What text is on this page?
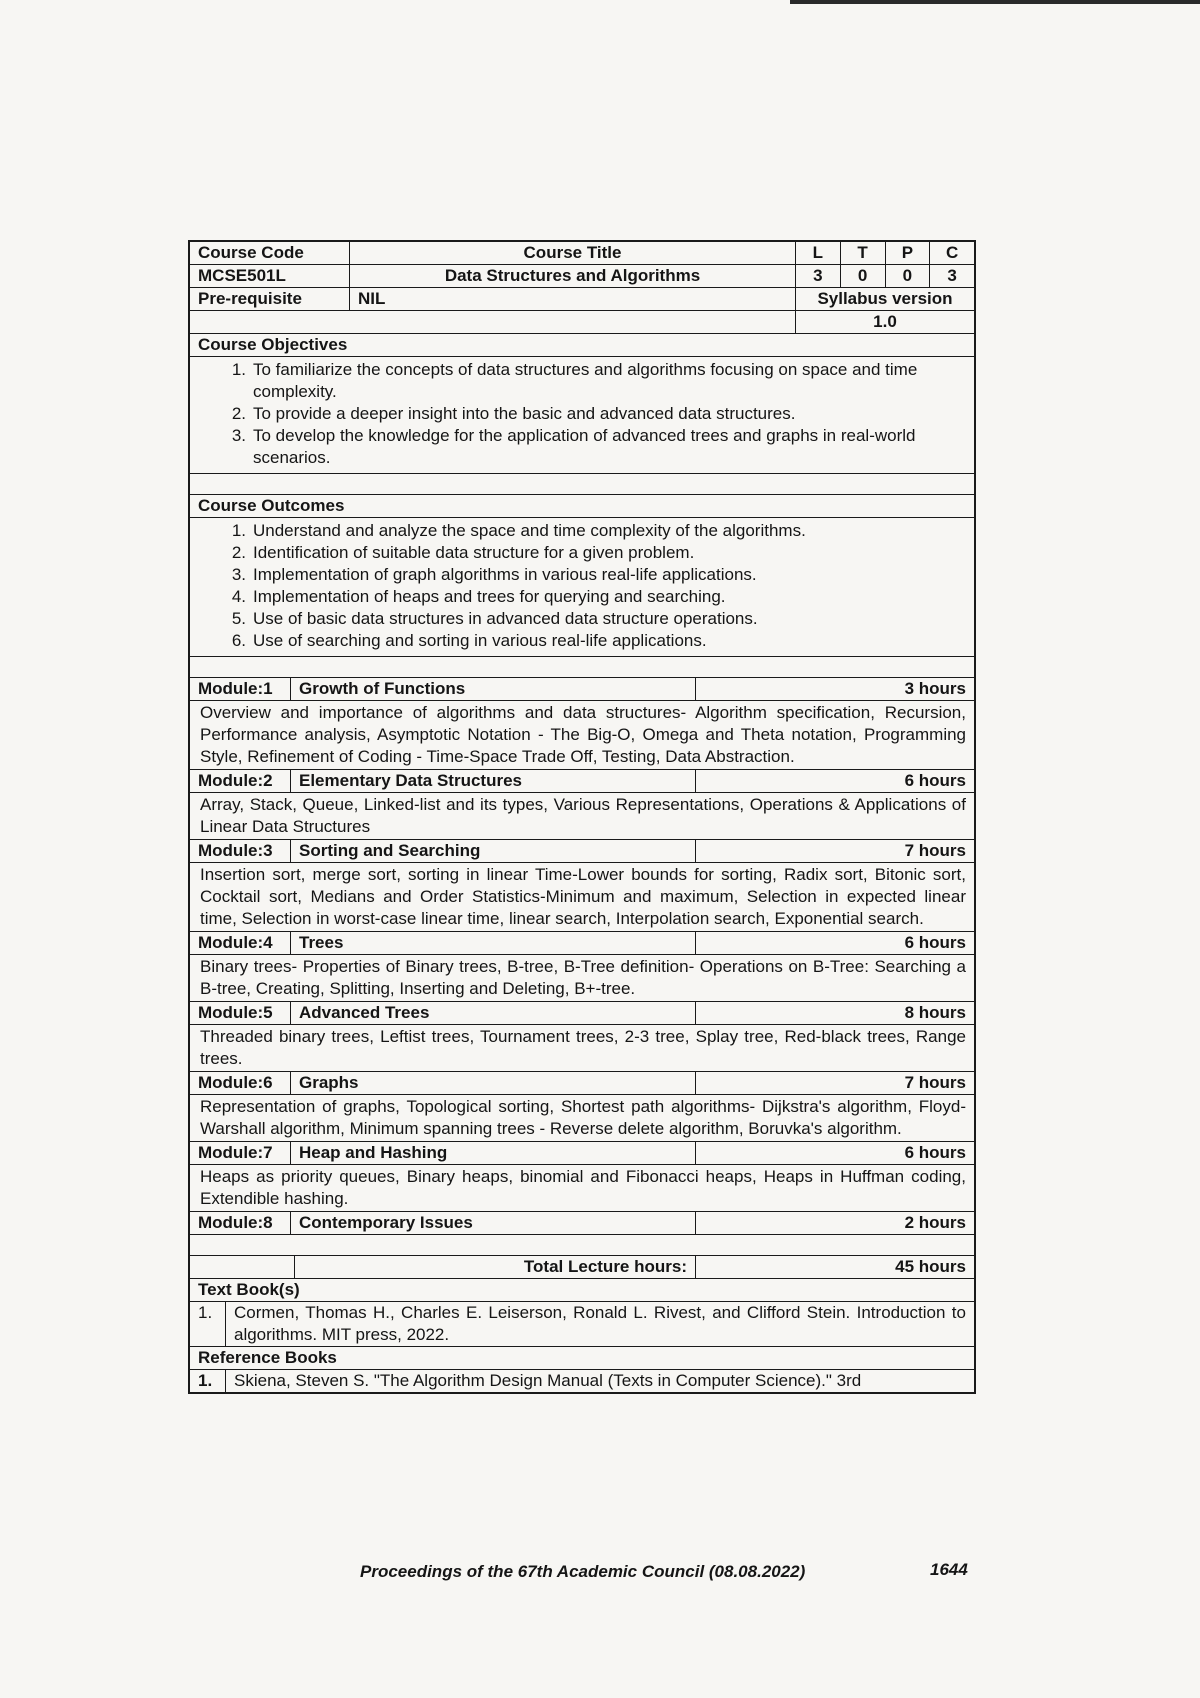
Course Code	Course Title	L	T	P	C
MCSE501L	Data Structures and Algorithms	3	0	0	3
Pre-requisite	NIL	Syllabus version
1.0
Course Objectives
1. To familiarize the concepts of data structures and algorithms focusing on space and time complexity.
2. To provide a deeper insight into the basic and advanced data structures.
3. To develop the knowledge for the application of advanced trees and graphs in real-world scenarios.
Course Outcomes
1. Understand and analyze the space and time complexity of the algorithms.
2. Identification of suitable data structure for a given problem.
3. Implementation of graph algorithms in various real-life applications.
4. Implementation of heaps and trees for querying and searching.
5. Use of basic data structures in advanced data structure operations.
6. Use of searching and sorting in various real-life applications.
Module:1	Growth of Functions	3 hours
Overview and importance of algorithms and data structures- Algorithm specification, Recursion, Performance analysis, Asymptotic Notation - The Big-O, Omega and Theta notation, Programming Style, Refinement of Coding - Time-Space Trade Off, Testing, Data Abstraction.
Module:2	Elementary Data Structures	6 hours
Array, Stack, Queue, Linked-list and its types, Various Representations, Operations & Applications of Linear Data Structures
Module:3	Sorting and Searching	7 hours
Insertion sort, merge sort, sorting in linear Time-Lower bounds for sorting, Radix sort, Bitonic sort, Cocktail sort, Medians and Order Statistics-Minimum and maximum, Selection in expected linear time, Selection in worst-case linear time, linear search, Interpolation search, Exponential search.
Module:4	Trees	6 hours
Binary trees- Properties of Binary trees, B-tree, B-Tree definition- Operations on B-Tree: Searching a B-tree, Creating, Splitting, Inserting and Deleting, B+-tree.
Module:5	Advanced Trees	8 hours
Threaded binary trees, Leftist trees, Tournament trees, 2-3 tree, Splay tree, Red-black trees, Range trees.
Module:6	Graphs	7 hours
Representation of graphs, Topological sorting, Shortest path algorithms- Dijkstra's algorithm, Floyd-Warshall algorithm, Minimum spanning trees - Reverse delete algorithm, Boruvka's algorithm.
Module:7	Heap and Hashing	6 hours
Heaps as priority queues, Binary heaps, binomial and Fibonacci heaps, Heaps in Huffman coding, Extendible hashing.
Module:8	Contemporary Issues	2 hours
Total Lecture hours:	45 hours
Text Book(s)
1.	Cormen, Thomas H., Charles E. Leiserson, Ronald L. Rivest, and Clifford Stein. Introduction to algorithms. MIT press, 2022.
Reference Books
1.	Skiena, Steven S. "The Algorithm Design Manual (Texts in Computer Science)." 3rd
Proceedings of the 67th Academic Council (08.08.2022)	1644
